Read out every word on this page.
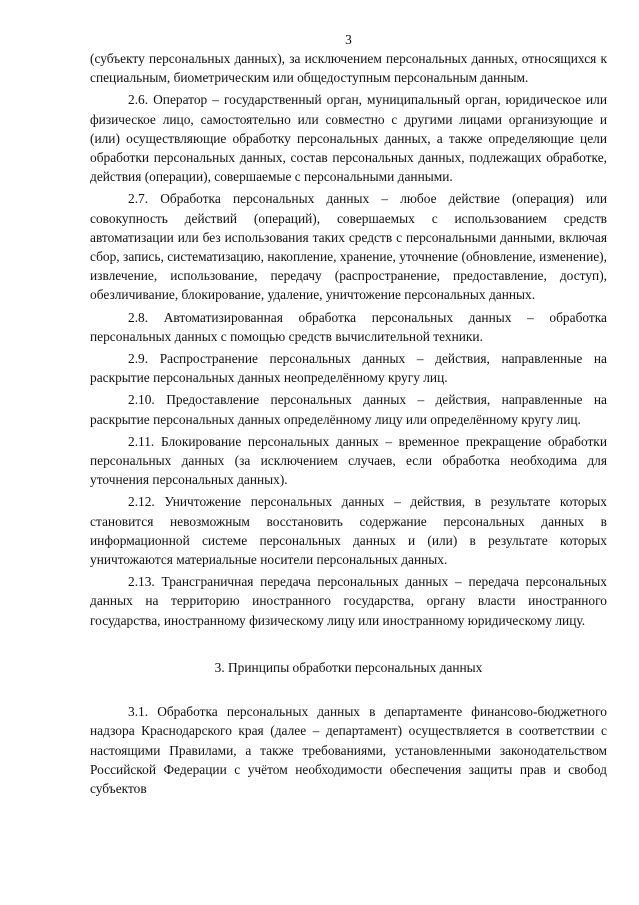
3

(субъекту персональных данных), за исключением персональных данных, относящихся к специальным, биометрическим или общедоступным персональным данным.

2.6. Оператор – государственный орган, муниципальный орган, юридическое или физическое лицо, самостоятельно или совместно с другими лицами организующие и (или) осуществляющие обработку персональных данных, а также определяющие цели обработки персональных данных, состав персональных данных, подлежащих обработке, действия (операции), совершаемые с персональными данными.

2.7. Обработка персональных данных – любое действие (операция) или совокупность действий (операций), совершаемых с использованием средств автоматизации или без использования таких средств с персональными данными, включая сбор, запись, систематизацию, накопление, хранение, уточнение (обновление, изменение), извлечение, использование, передачу (распространение, предоставление, доступ), обезличивание, блокирование, удаление, уничтожение персональных данных.

2.8. Автоматизированная обработка персональных данных – обработка персональных данных с помощью средств вычислительной техники.

2.9. Распространение персональных данных – действия, направленные на раскрытие персональных данных неопределённому кругу лиц.

2.10. Предоставление персональных данных – действия, направленные на раскрытие персональных данных определённому лицу или определённому кругу лиц.

2.11. Блокирование персональных данных – временное прекращение обработки персональных данных (за исключением случаев, если обработка необходима для уточнения персональных данных).

2.12. Уничтожение персональных данных – действия, в результате которых становится невозможным восстановить содержание персональных данных в информационной системе персональных данных и (или) в результате которых уничтожаются материальные носители персональных данных.

2.13. Трансграничная передача персональных данных – передача персональных данных на территорию иностранного государства, органу власти иностранного государства, иностранному физическому лицу или иностранному юридическому лицу.

3. Принципы обработки персональных данных

3.1. Обработка персональных данных в департаменте финансово-бюджетного надзора Краснодарского края (далее – департамент) осуществляется в соответствии с настоящими Правилами, а также требованиями, установленными законодательством Российской Федерации с учётом необходимости обеспечения защиты прав и свобод субъектов
